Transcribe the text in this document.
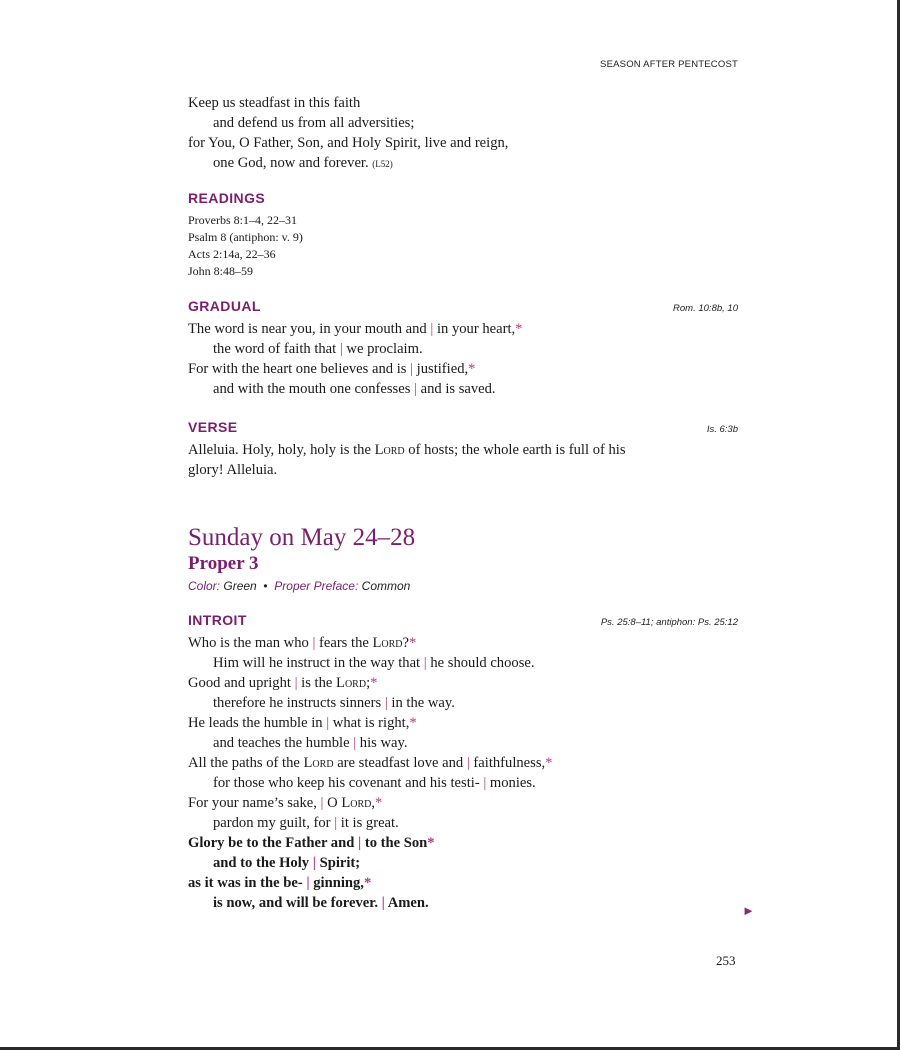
SEASON AFTER PENTECOST
Keep us steadfast in this faith
and defend us from all adversities;
for You, O Father, Son, and Holy Spirit, live and reign,
one God, now and forever. (L52)
READINGS
Proverbs 8:1–4, 22–31
Psalm 8 (antiphon: v. 9)
Acts 2:14a, 22–36
John 8:48–59
GRADUAL	Rom. 10:8b, 10
The word is near you, in your mouth and | in your heart,*
the word of faith that | we proclaim.
For with the heart one believes and is | justified,*
and with the mouth one confesses | and is saved.
VERSE	Is. 6:3b
Alleluia. Holy, holy, holy is the Lord of hosts; the whole earth is full of his
glory! Alleluia.
Sunday on May 24–28
Proper 3
Color: Green • Proper Preface: Common
INTROIT	Ps. 25:8–11; antiphon: Ps. 25:12
Who is the man who | fears the Lord?*
Him will he instruct in the way that | he should choose.
Good and upright | is the Lord;*
therefore he instructs sinners | in the way.
He leads the humble in | what is right,*
and teaches the humble | his way.
All the paths of the Lord are steadfast love and | faithfulness,*
for those who keep his covenant and his testi- | monies.
For your name’s sake, | O Lord,*
pardon my guilt, for | it is great.
Glory be to the Father and | to the Son*
and to the Holy | Spirit;
as it was in the be- | ginning,*
is now, and will be forever. | Amen.	►
253
